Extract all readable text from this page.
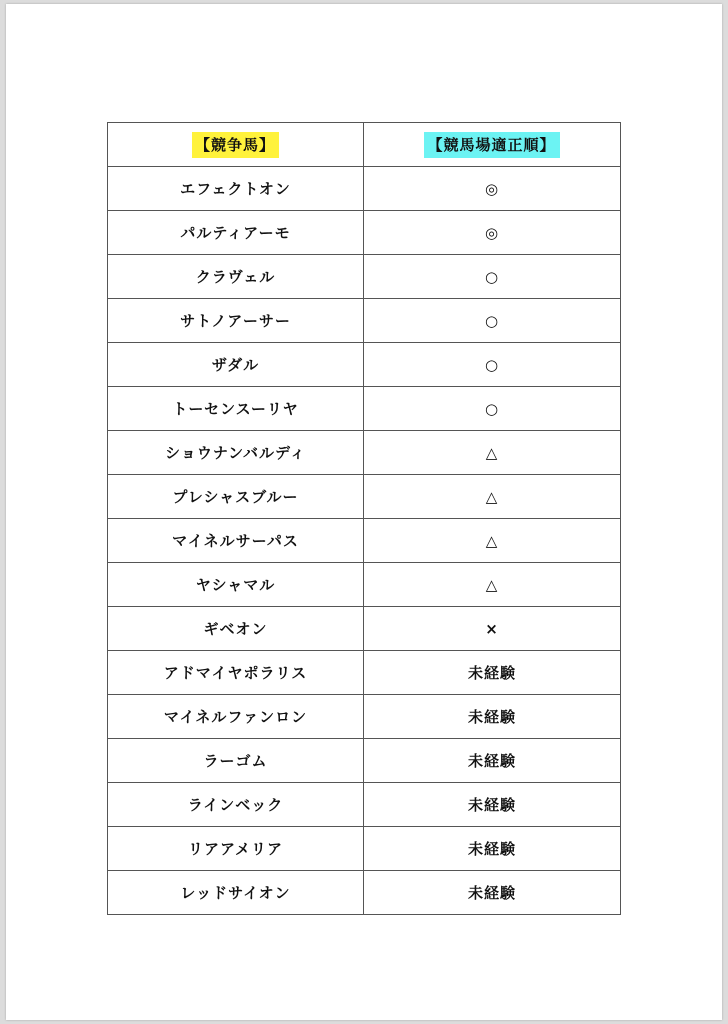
【競争馬】	【競馬場適正順】
エフェクトオン	◎
パルティアーモ	◎
クラヴェル	○
サトノアーサー	○
ザダル	○
トーセンスーリヤ	○
ショウナンバルディ	△
プレシャスブルー	△
マイネルサーパス	△
ヤシャマル	△
ギベオン	×
アドマイヤポラリス	未経験
マイネルファンロン	未経験
ラーゴム	未経験
ラインベック	未経験
リアアメリア	未経験
レッドサイオン	未経験
